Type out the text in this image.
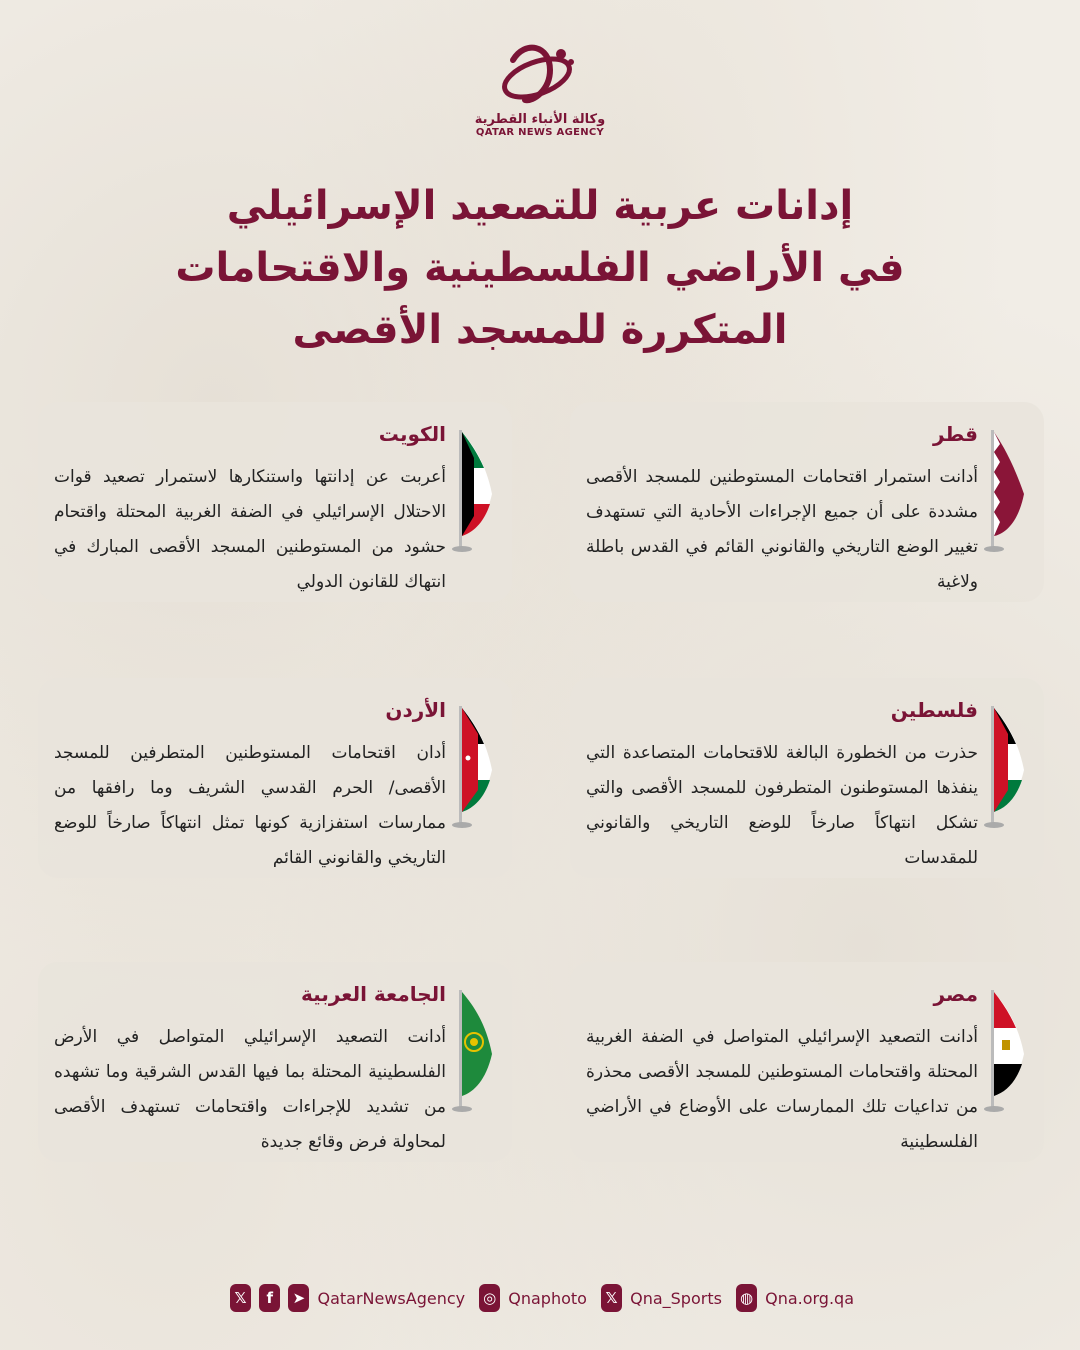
وكالة الأنباء القطرية
QATAR NEWS AGENCY
إدانات عربية للتصعيد الإسرائيلي
في الأراضي الفلسطينية والاقتحامات
المتكررة للمسجد الأقصى
قطر
أدانت استمرار اقتحامات المستوطنين للمسجد الأقصى مشددة على أن جميع الإجراءات الأحادية التي تستهدف تغيير الوضع التاريخي والقانوني القائم في القدس باطلة ولاغية
الكويت
أعربت عن إدانتها واستنكارها لاستمرار تصعيد قوات الاحتلال الإسرائيلي في الضفة الغربية المحتلة واقتحام حشود من المستوطنين المسجد الأقصى المبارك في انتهاك للقانون الدولي
فلسطين
حذرت من الخطورة البالغة للاقتحامات المتصاعدة التي ينفذها المستوطنون المتطرفون للمسجد الأقصى والتي تشكل انتهاكاً صارخاً للوضع التاريخي والقانوني للمقدسات
الأردن
أدان اقتحامات المستوطنين المتطرفين للمسجد الأقصى/ الحرم القدسي الشريف وما رافقها من ممارسات استفزازية كونها تمثل انتهاكاً صارخاً للوضع التاريخي والقانوني القائم
مصر
أدانت التصعيد الإسرائيلي المتواصل في الضفة الغربية المحتلة واقتحامات المستوطنين للمسجد الأقصى محذرة من تداعيات تلك الممارسات على الأوضاع في الأراضي الفلسطينية
الجامعة العربية
أدانت التصعيد الإسرائيلي المتواصل في الأرض الفلسطينية المحتلة بما فيها القدس الشرقية وما تشهده من تشديد للإجراءات واقتحامات تستهدف الأقصى لمحاولة فرض وقائع جديدة
𝕏	f	➤ QatarNewsAgency ◎ Qnaphoto	𝕏 Qna_Sports ◍ Qna.org.qa
